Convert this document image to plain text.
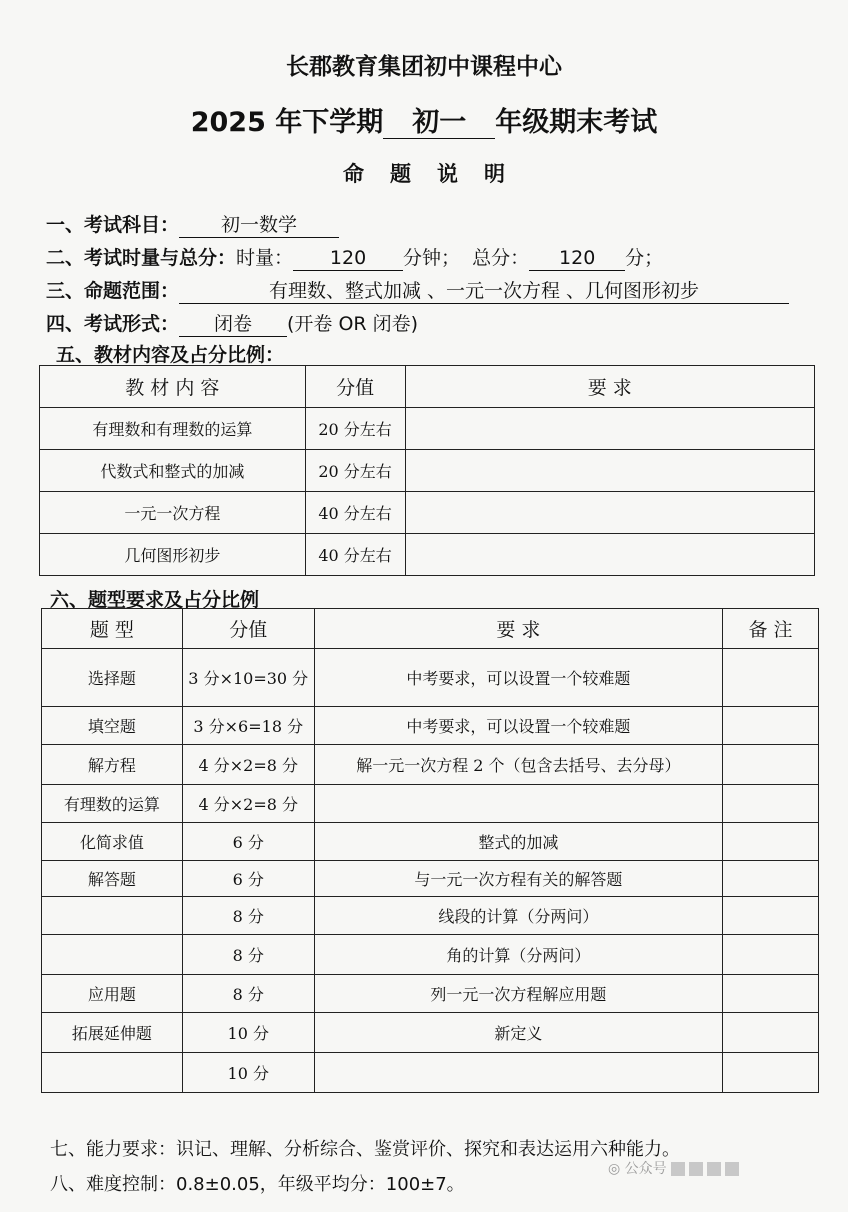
长郡教育集团初中课程中心
2025 年下学期 初一 年级期末考试
命题说明
一、考试科目： 初一数学
二、考试时量与总分：时量： 120 分钟； 总分： 120 分；
三、命题范围：	有理数、整式加减 、一元一次方程 、几何图形初步
四、考试形式： 闭卷 (开卷 OR 闭卷)
五、教材内容及占分比例：
教 材 内 容	分值	要 求
有理数和有理数的运算	20 分左右	
代数式和整式的加减	20 分左右	
一元一次方程	40 分左右	
几何图形初步	40 分左右	
六、题型要求及占分比例
题 型	分值	要 求	备 注
选择题	3 分×10=30 分	中考要求，可以设置一个较难题	
填空题	3 分×6=18 分	中考要求，可以设置一个较难题	
解方程	4 分×2=8 分	解一元一次方程 2 个（包含去括号、去分母）	
有理数的运算	4 分×2=8 分		
化简求值	6 分	整式的加减	
解答题	6 分	与一元一次方程有关的解答题	
	8 分	线段的计算（分两问）	
	8 分	角的计算（分两问）	
应用题	8 分	列一元一次方程解应用题	
拓展延伸题	10 分	新定义	
	10 分		
七、能力要求：识记、理解、分析综合、鉴赏评价、探究和表达运用六种能力。
八、难度控制：0.8±0.05，年级平均分：100±7。
◎ 公众号
